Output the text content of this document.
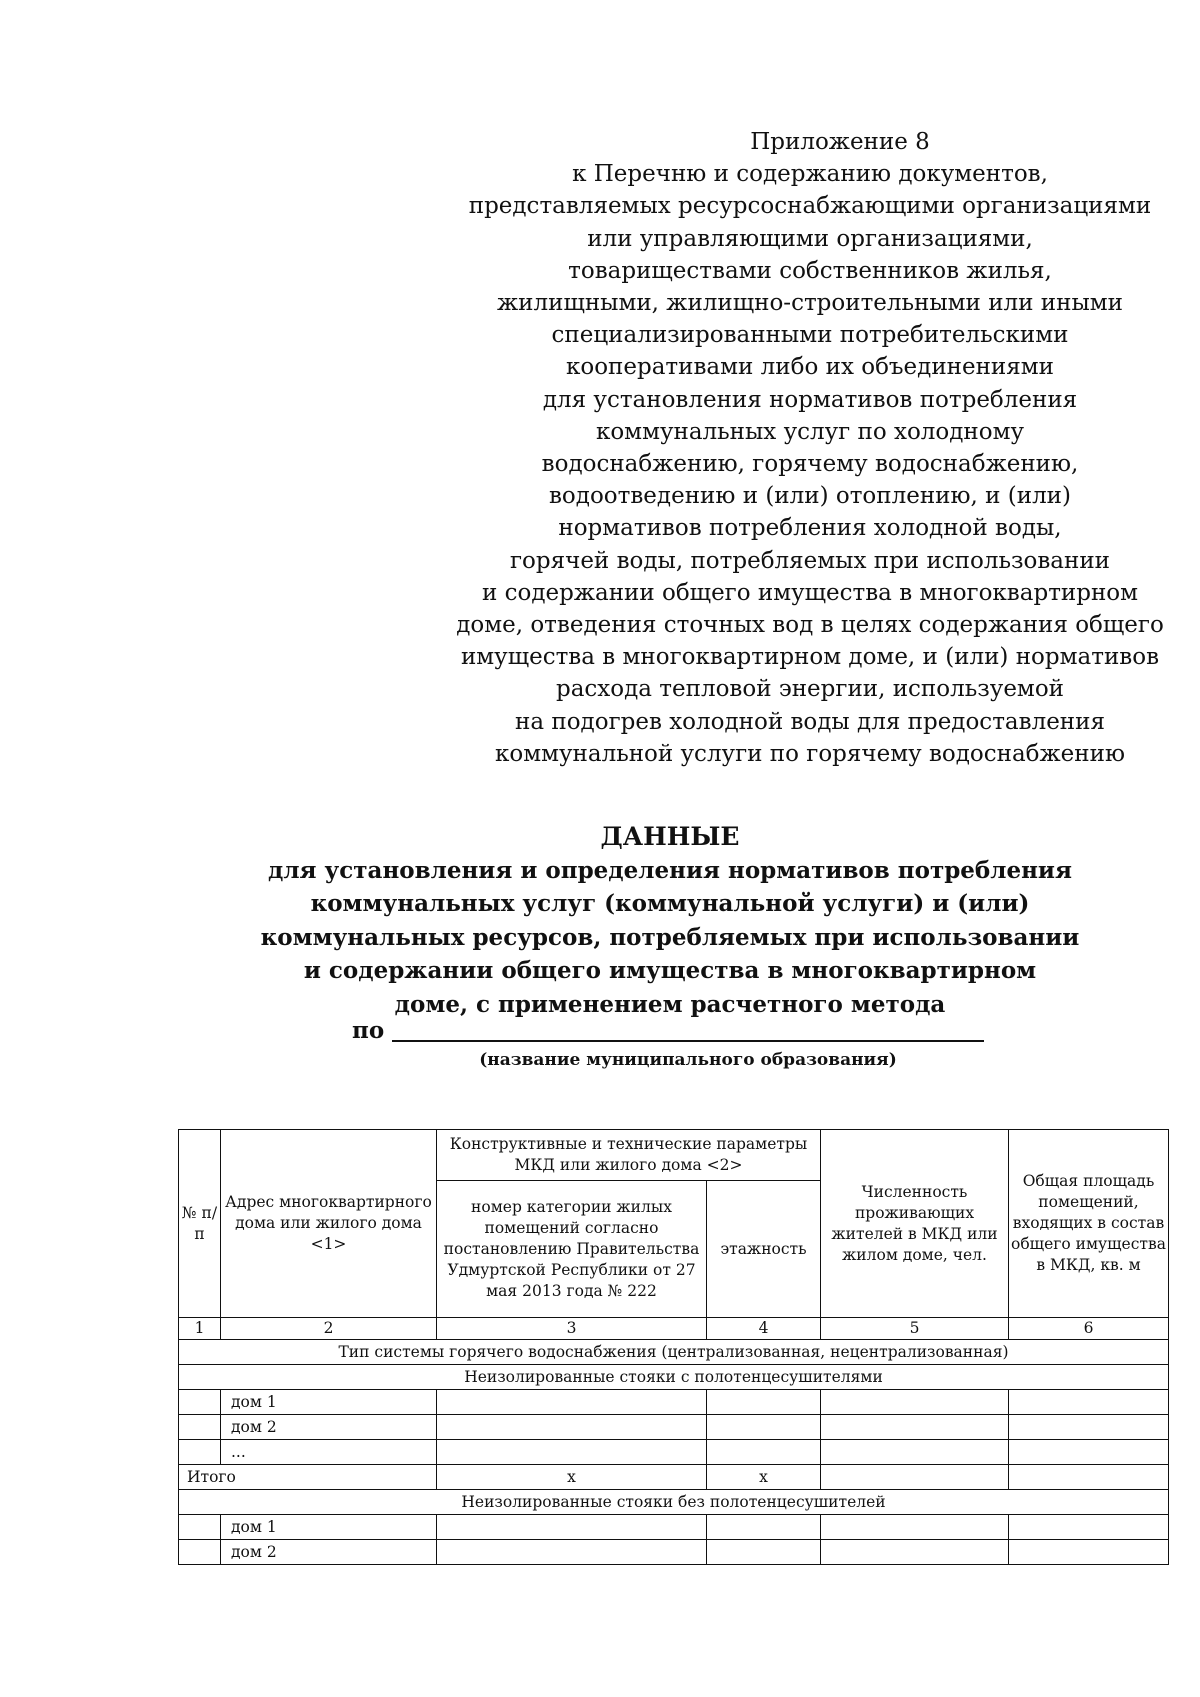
Приложение 8
к Перечню и содержанию документов,
представляемых ресурсоснабжающими организациями
или управляющими организациями,
товариществами собственников жилья,
жилищными, жилищно-строительными или иными
специализированными потребительскими
кооперативами либо их объединениями
для установления нормативов потребления
коммунальных услуг по холодному
водоснабжению, горячему водоснабжению,
водоотведению и (или) отоплению, и (или)
нормативов потребления холодной воды,
горячей воды, потребляемых при использовании
и содержании общего имущества в многоквартирном
доме, отведения сточных вод в целях содержания общего
имущества в многоквартирном доме, и (или) нормативов
расхода тепловой энергии, используемой
на подогрев холодной воды для предоставления
коммунальной услуги по горячему водоснабжению
ДАННЫЕ
для установления и определения нормативов потребления
коммунальных услуг (коммунальной услуги) и (или)
коммунальных ресурсов, потребляемых при использовании
и содержании общего имущества в многоквартирном
доме, с применением расчетного метода
по
(название муниципального образования)
№ п/п	Адрес многоквартирного дома или жилого дома <1>	Конструктивные и технические параметры МКД или жилого дома <2>		Численность проживающих жителей в МКД или жилом доме, чел.	Общая площадь помещений, входящих в состав общего имущества в МКД, кв. м
		номер категории жилых помещений согласно постановлению Правительства Удмуртской Республики от 27 мая 2013 года № 222	этажность		
1	2	3	4	5	6
Тип системы горячего водоснабжения (централизованная, нецентрализованная)					
Неизолированные стояки с полотенцесушителями					
	дом 1				
	дом 2				
	...				
Итого		x	x		
Неизолированные стояки без полотенцесушителей					
	дом 1				
	дом 2				
